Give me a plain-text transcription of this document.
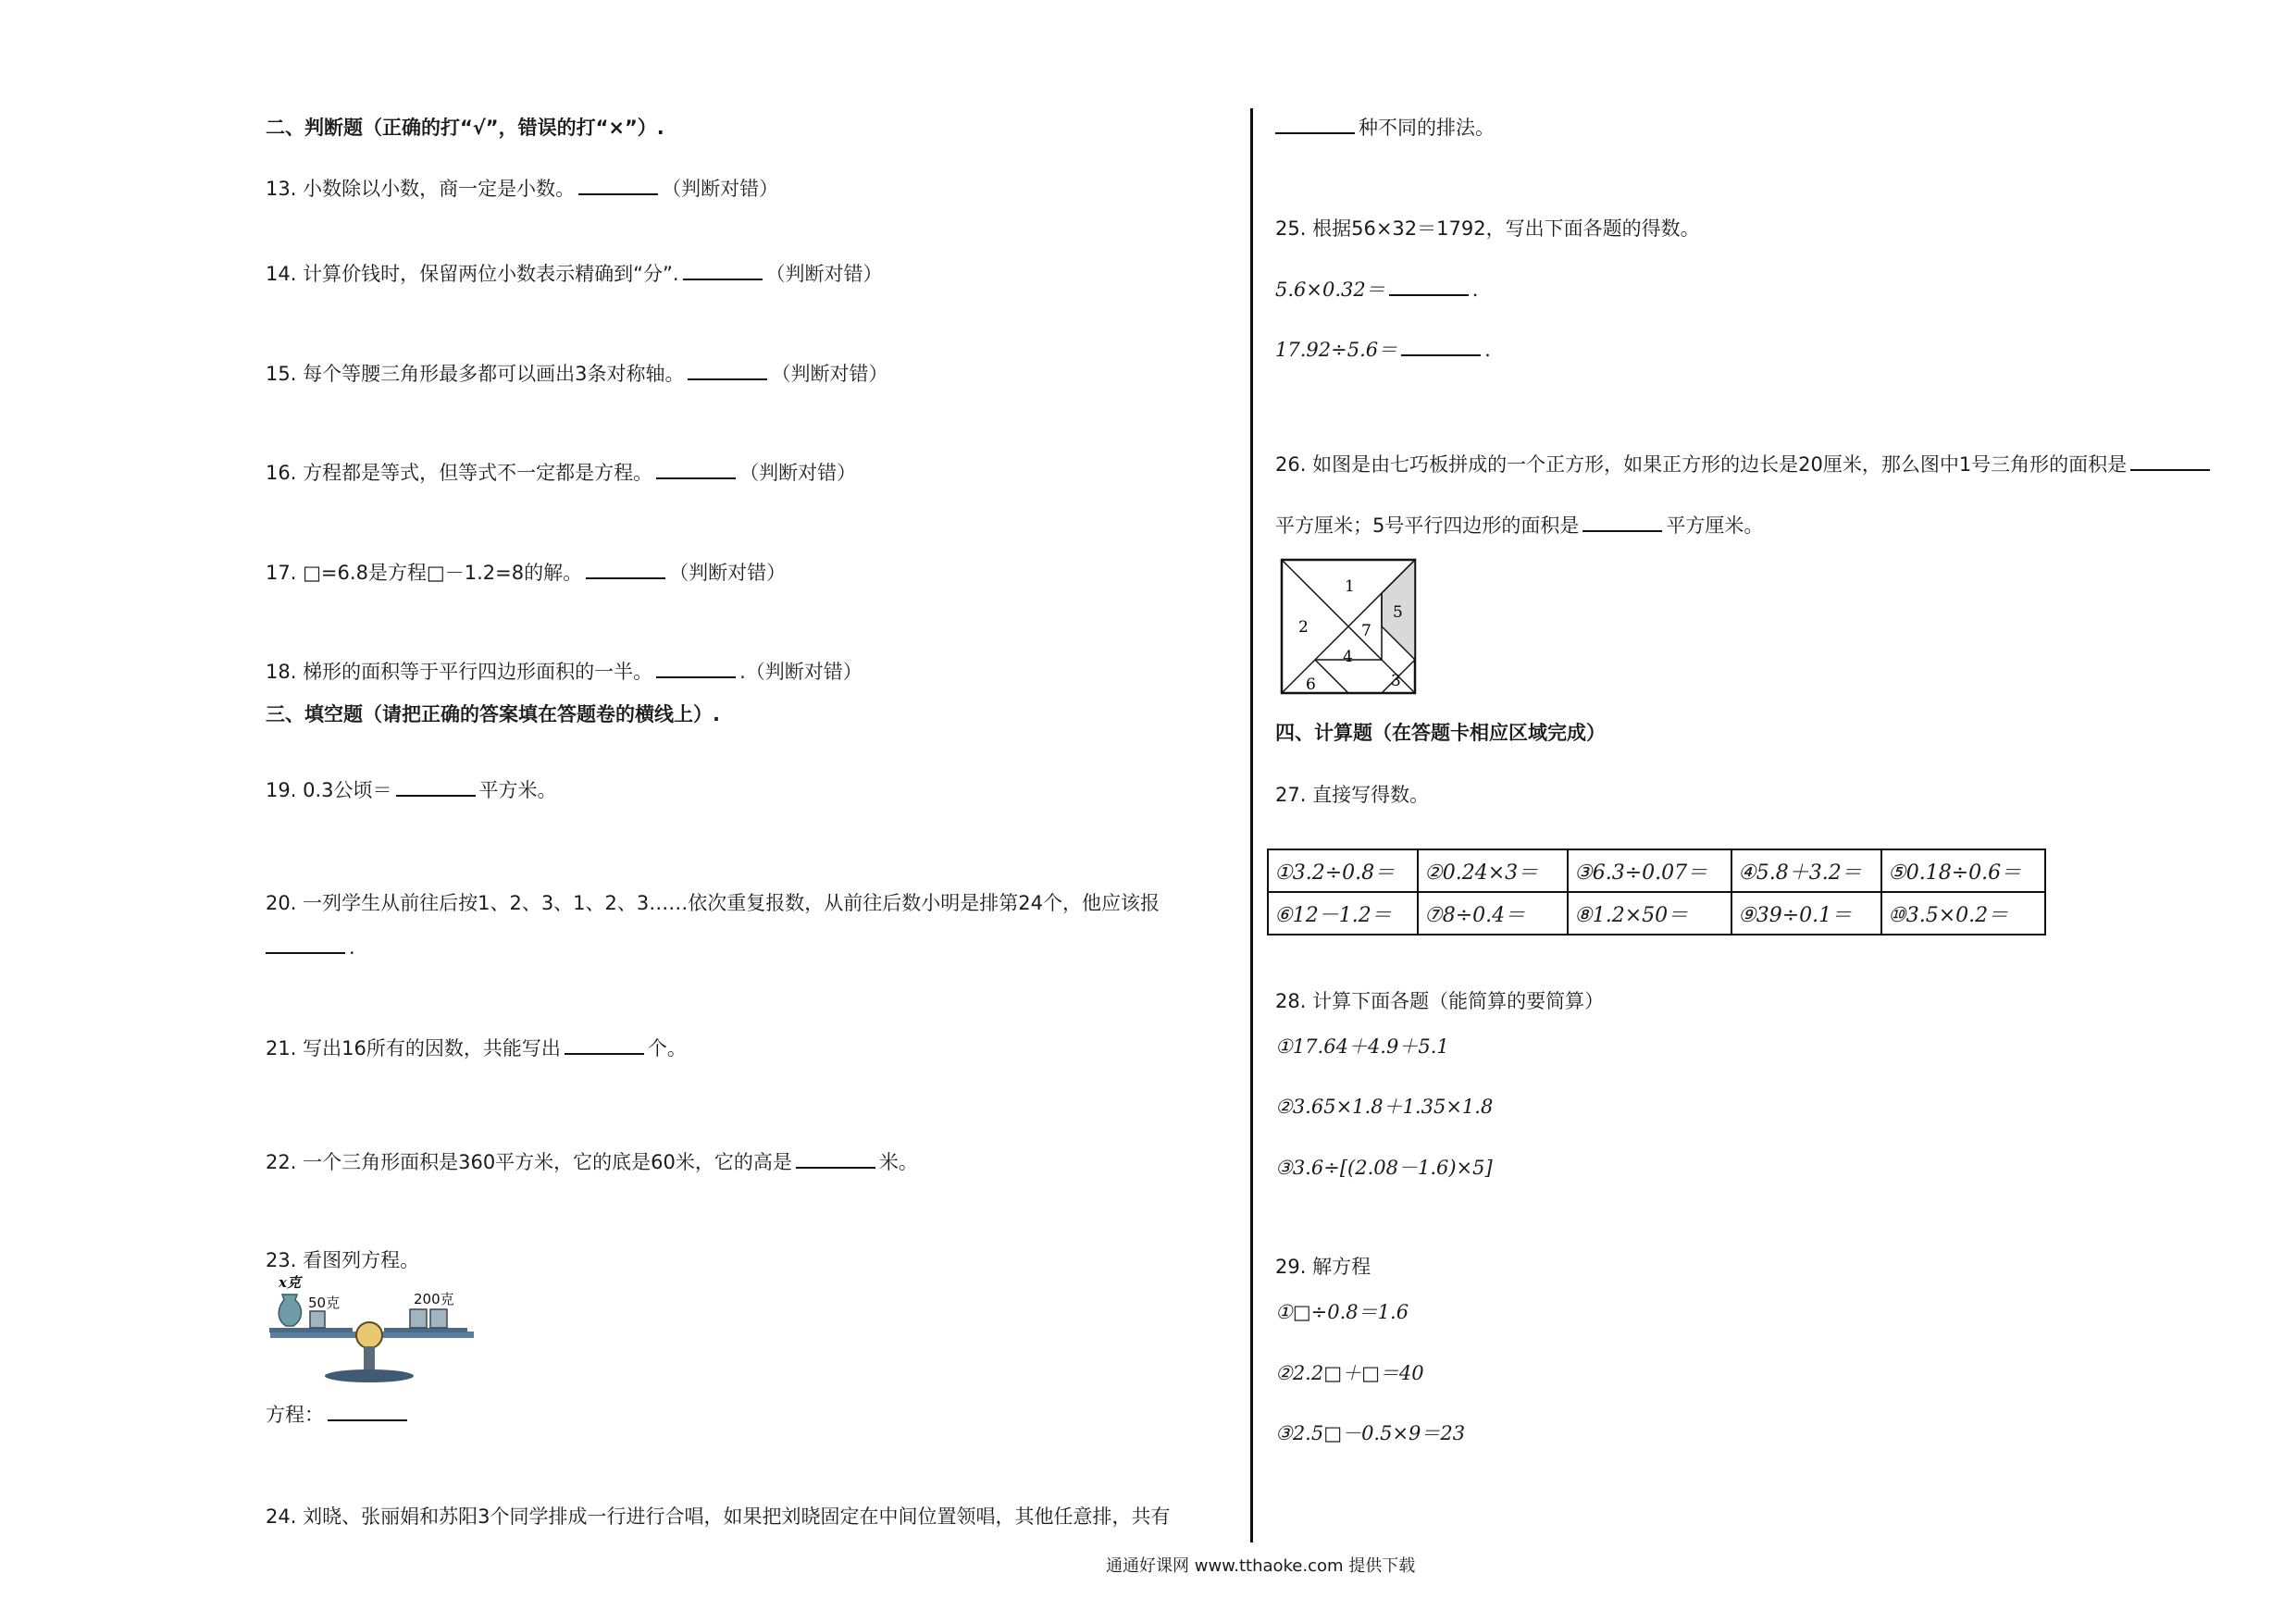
二、判断题（正确的打“√”，错误的打“×”）.
13. 小数除以小数，商一定是小数。	（判断对错）
14. 计算价钱时，保留两位小数表示精确到“分”.	（判断对错）
15. 每个等腰三角形最多都可以画出3条对称轴。	（判断对错）
16. 方程都是等式，但等式不一定都是方程。	（判断对错）
17. □=6.8是方程□－1.2=8的解。	（判断对错）
18. 梯形的面积等于平行四边形面积的一半。	.（判断对错）
三、填空题（请把正确的答案填在答题卷的横线上）.
19. 0.3公顷＝	平方米。
20. 一列学生从前往后按1、2、3、1、2、3……依次重复报数，从前往后数小明是排第24个，他应该报
.
21. 写出16所有的因数，共能写出	个。
22. 一个三角形面积是360平方米，它的底是60米，它的高是	米。
23. 看图列方程。
x克
50克	200克
方程：
24. 刘晓、张丽娟和苏阳3个同学排成一行进行合唱，如果把刘晓固定在中间位置领唱，其他任意排，共有
种不同的排法。
25. 根据56×32＝1792，写出下面各题的得数。
5.6×0.32＝	.
17.92÷5.6＝	.
26. 如图是由七巧板拼成的一个正方形，如果正方形的边长是20厘米，那么图中1号三角形的面积是
平方厘米；5号平行四边形的面积是	平方厘米。
1
2
3
4
5
6
7
四、计算题（在答题卡相应区域完成）
27. 直接写得数。
①3.2÷0.8＝	②0.24×3＝	③6.3÷0.07＝	④5.8＋3.2＝	⑤0.18÷0.6＝
⑥12－1.2＝	⑦8÷0.4＝	⑧1.2×50＝	⑨39÷0.1＝	⑩3.5×0.2＝
28. 计算下面各题（能简算的要简算）
①17.64＋4.9＋5.1
②3.65×1.8＋1.35×1.8
③3.6÷[(2.08－1.6)×5]
29. 解方程
①□÷0.8＝1.6
②2.2□＋□＝40
③2.5□－0.5×9＝23
通通好课网 www.tthaoke.com 提供下载
